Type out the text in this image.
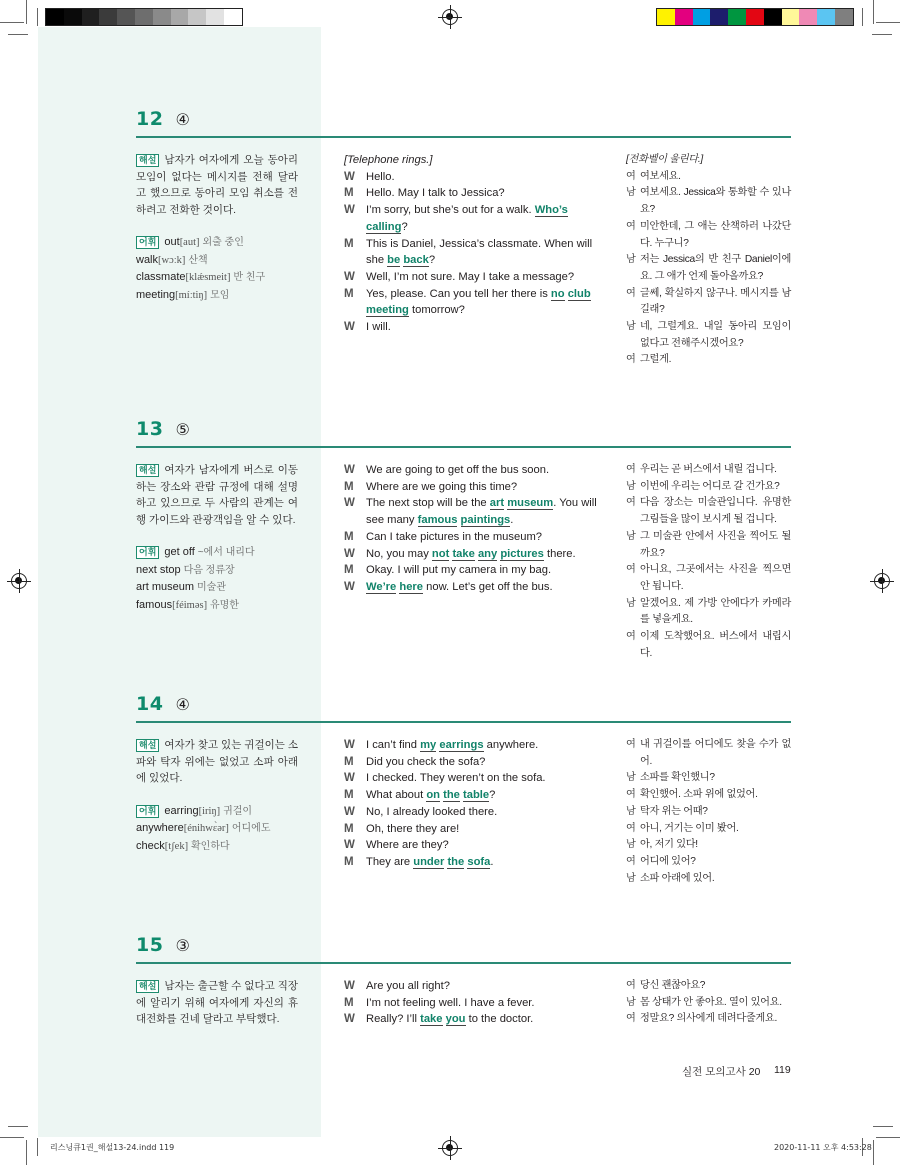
12 ④
해설 남자가 여자에게 오늘 동아리 모임이 없다는 메시지를 전해 달라고 했으므로 동아리 모임 취소를 전하려고 전화한 것이다.
어휘 out[aut] 외출 중인
walk[wɔːk] 산책
classmate[klǽsmeit] 반 친구
meeting[míːtiŋ] 모임
[Telephone rings.]
W Hello.
M	Hello. May I talk to Jessica?
W I’m sorry, but she’s out for a walk. Who’s calling?
M	This is Daniel, Jessica’s classmate. When will she be back?
W Well, I’m not sure. May I take a message?
M	Yes, please. Can you tell her there is no club meeting tomorrow?
W I will.
[전화벨이 울린다.]
여 여보세요.
남 여보세요. Jessica와 통화할 수 있나요?
여 미안한데, 그 애는 산책하러 나갔단다. 누구니?
남 저는 Jessica의 반 친구 Daniel이에요. 그 애가 언제 돌아올까요?
여 글쎄, 확실하지 않구나. 메시지를 남길래?
남 네, 그럴게요. 내일 동아리 모임이 없다고 전해주시겠어요?
여 그럴게.
13 ⑤
해설 여자가 남자에게 버스로 이동하는 장소와 관람 규정에 대해 설명하고 있으므로 두 사람의 관계는 여행 가이드와 관광객임을 알 수 있다.
어휘 get off ~에서 내리다
next stop 다음 정류장
art museum 미술관
famous[féiməs] 유명한
W We are going to get off the bus soon.
M	Where are we going this time?
W The next stop will be the art museum. You will see many famous paintings.
M	Can I take pictures in the museum?
W No, you may not take any pictures there.
M	Okay. I will put my camera in my bag.
W We’re here now. Let’s get off the bus.
여 우리는 곧 버스에서 내릴 겁니다.
남 이번에 우리는 어디로 갈 건가요?
여 다음 장소는 미술관입니다. 유명한 그림들을 많이 보시게 될 겁니다.
남 그 미술관 안에서 사진을 찍어도 될까요?
여 아니요, 그곳에서는 사진을 찍으면 안 됩니다.
남 알겠어요. 제 가방 안에다가 카메라를 넣을게요.
여 이제 도착했어요. 버스에서 내립시다.
14 ④
해설 여자가 찾고 있는 귀걸이는 소파와 탁자 위에는 없었고 소파 아래에 있었다.
어휘 earring[iriŋ] 귀걸이
anywhere[énihwɛ̀ər] 어디에도
check[tʃek] 확인하다
W I can’t find my earrings anywhere.
M	Did you check the sofa?
W I checked. They weren’t on the sofa.
M	What about on the table?
W No, I already looked there.
M	Oh, there they are!
W Where are they?
M	They are under the sofa.
여 내 귀걸이를 어디에도 찾을 수가 없어.
남 소파를 확인했니?
여 확인했어. 소파 위에 없었어.
남 탁자 위는 어때?
여 아니, 거기는 이미 봤어.
남 아, 저기 있다!
여 어디에 있어?
남 소파 아래에 있어.
15 ③
해설 남자는 출근할 수 없다고 직장에 알리기 위해 여자에게 자신의 휴대전화를 건네 달라고 부탁했다.
W Are you all right?
M	I’m not feeling well. I have a fever.
W Really? I’ll take you to the doctor.
여 당신 괜찮아요?
남 몸 상태가 안 좋아요. 열이 있어요.
여 정말요? 의사에게 데려다줄게요.
실전 모의고사 20 119
리스닝큐1권_해설13-24.indd 119	2020-11-11 오후 4:53:28
